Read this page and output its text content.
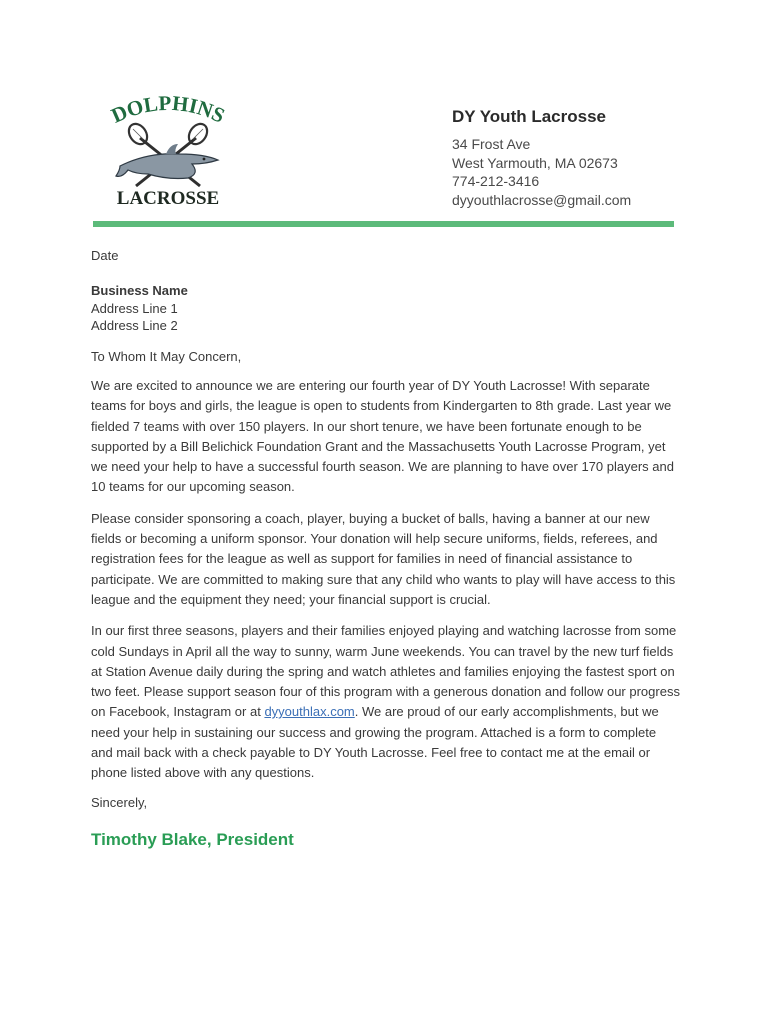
DOLPHINS
LACROSSE
DY Youth Lacrosse
34 Frost Ave
West Yarmouth, MA 02673
774-212-3416
dyyouthlacrosse@gmail.com
Date
Business Name
Address Line 1
Address Line 2
To Whom It May Concern,

We are excited to announce we are entering our fourth year of DY Youth Lacrosse! With separate teams for boys and girls, the league is open to students from Kindergarten to 8th grade. Last year we fielded 7 teams with over 150 players. In our short tenure, we have been fortunate enough to be supported by a Bill Belichick Foundation Grant and the Massachusetts Youth Lacrosse Program, yet we need your help to have a successful fourth season. We are planning to have over 170 players and 10 teams for our upcoming season.

Please consider sponsoring a coach, player, buying a bucket of balls, having a banner at our new fields or becoming a uniform sponsor. Your donation will help secure uniforms, fields, referees, and registration fees for the league as well as support for families in need of financial assistance to participate. We are committed to making sure that any child who wants to play will have access to this league and the equipment they need; your financial support is crucial.

In our first three seasons, players and their families enjoyed playing and watching lacrosse from some cold Sundays in April all the way to sunny, warm June weekends. You can travel by the new turf fields at Station Avenue daily during the spring and watch athletes and families enjoying the fastest sport on two feet. Please support season four of this program with a generous donation and follow our progress on Facebook, Instagram or at dyyouthlax.com. We are proud of our early accomplishments, but we need your help in sustaining our success and growing the program. Attached is a form to complete and mail back with a check payable to DY Youth Lacrosse. Feel free to contact me at the email or phone listed above with any questions.

Sincerely,
Timothy Blake, President
